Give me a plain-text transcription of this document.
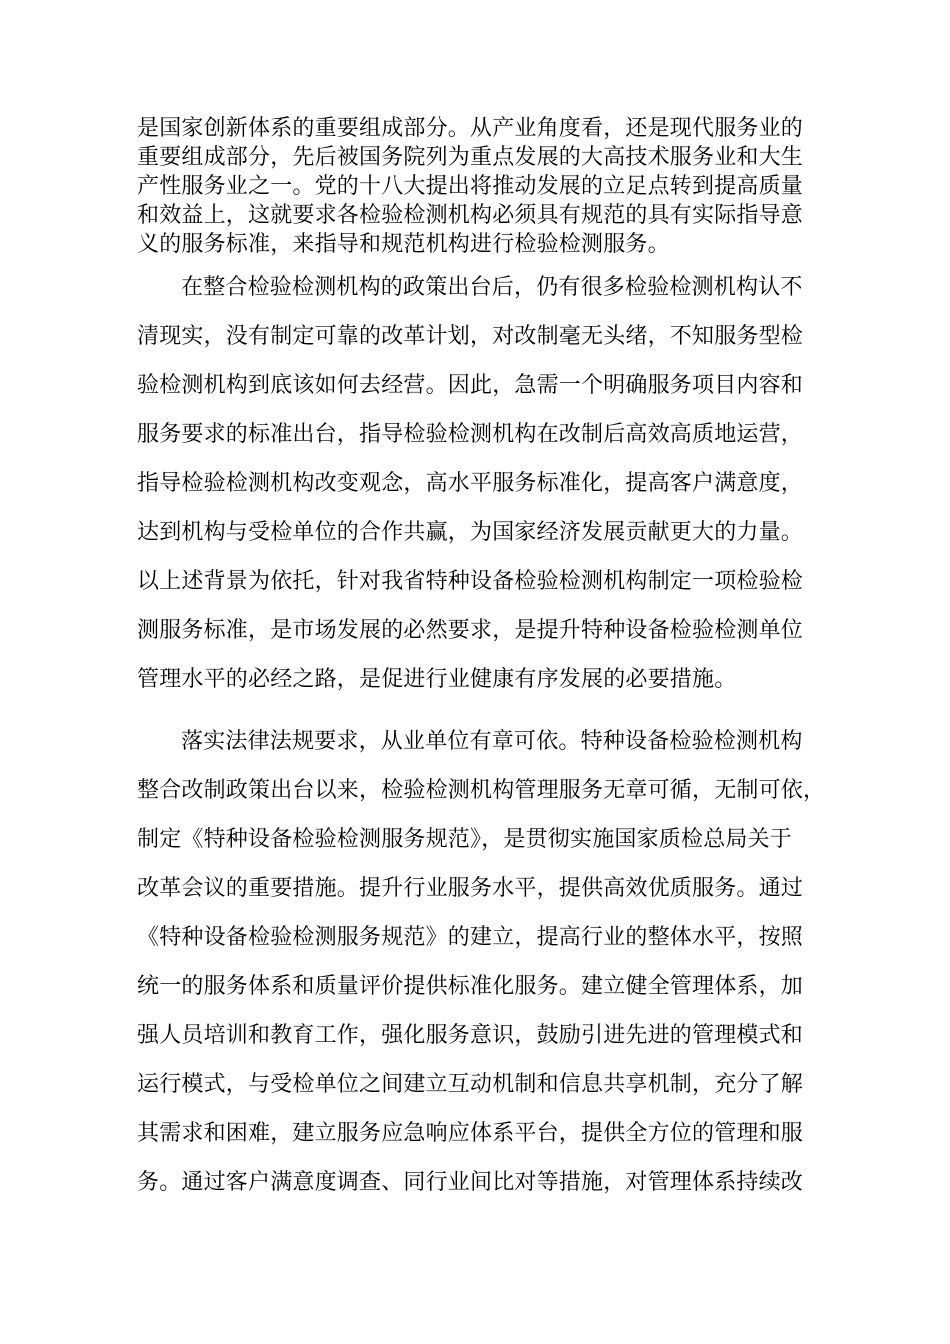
是国家创新体系的重要组成部分。从产业角度看，还是现代服务业的
重要组成部分，先后被国务院列为重点发展的大高技术服务业和大生
产性服务业之一。党的十八大提出将推动发展的立足点转到提高质量
和效益上，这就要求各检验检测机构必须具有规范的具有实际指导意
义的服务标准，来指导和规范机构进行检验检测服务。
在整合检验检测机构的政策出台后，仍有很多检验检测机构认不
清现实，没有制定可靠的改革计划，对改制毫无头绪，不知服务型检
验检测机构到底该如何去经营。因此，急需一个明确服务项目内容和
服务要求的标准出台，指导检验检测机构在改制后高效高质地运营，
指导检验检测机构改变观念，高水平服务标准化，提高客户满意度，
达到机构与受检单位的合作共赢，为国家经济发展贡献更大的力量。
以上述背景为依托，针对我省特种设备检验检测机构制定一项检验检
测服务标准，是市场发展的必然要求，是提升特种设备检验检测单位
管理水平的必经之路，是促进行业健康有序发展的必要措施。
落实法律法规要求，从业单位有章可依。特种设备检验检测机构
整合改制政策出台以来，检验检测机构管理服务无章可循，无制可依，
制定《特种设备检验检测服务规范》，是贯彻实施国家质检总局关于
改革会议的重要措施。提升行业服务水平，提供高效优质服务。通过
《特种设备检验检测服务规范》的建立，提高行业的整体水平，按照
统一的服务体系和质量评价提供标准化服务。建立健全管理体系，加
强人员培训和教育工作，强化服务意识，鼓励引进先进的管理模式和
运行模式，与受检单位之间建立互动机制和信息共享机制，充分了解
其需求和困难，建立服务应急响应体系平台，提供全方位的管理和服
务。通过客户满意度调查、同行业间比对等措施，对管理体系持续改
